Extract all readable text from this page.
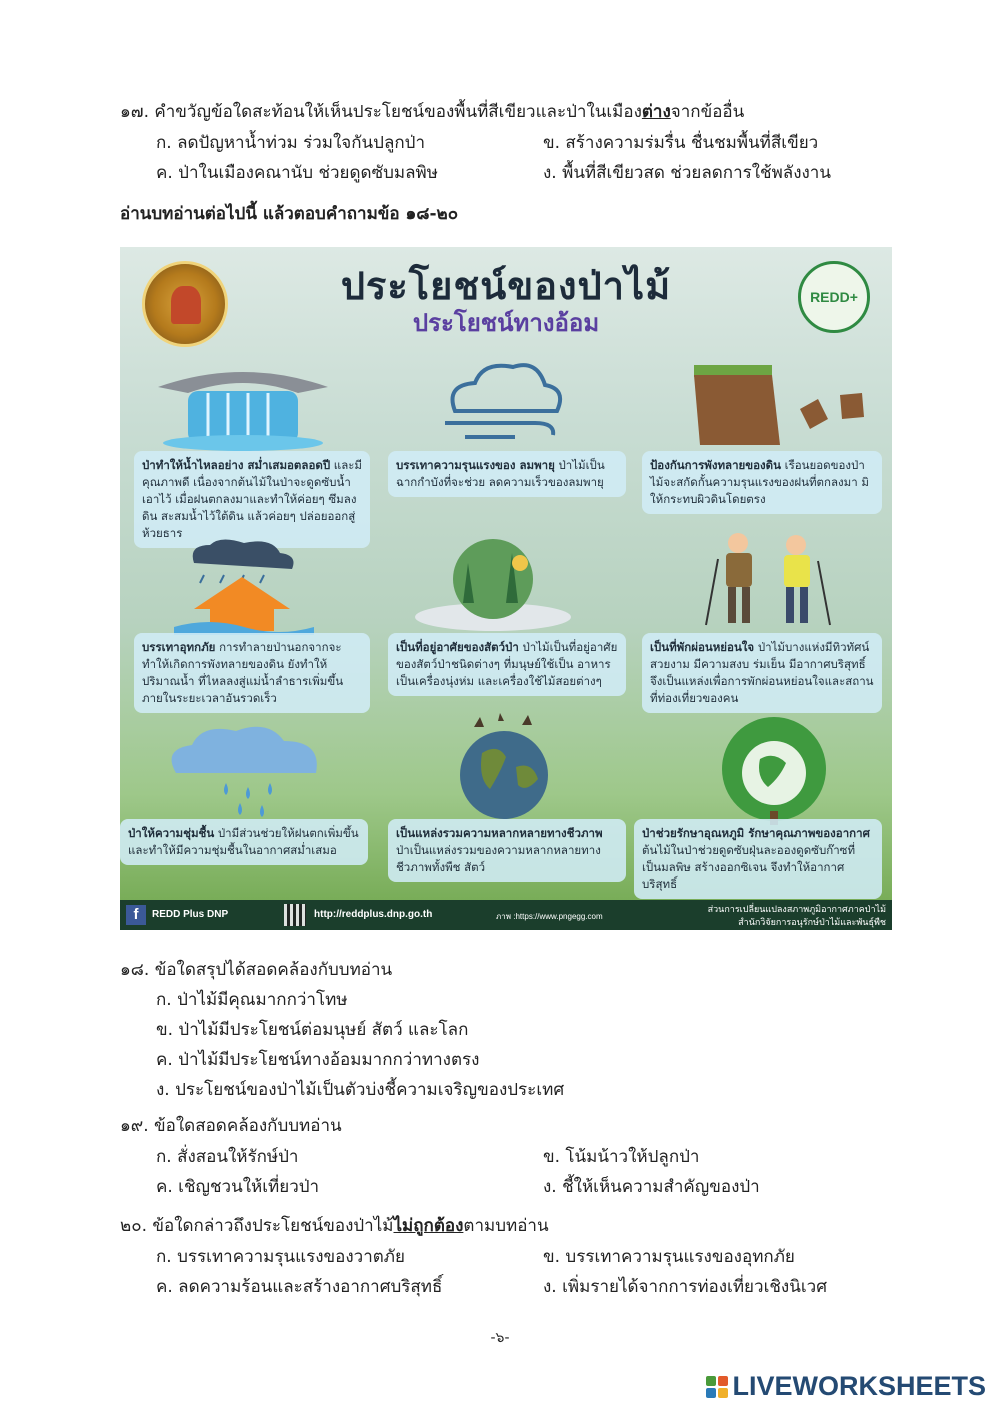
๑๗. คำขวัญข้อใดสะท้อนให้เห็นประโยชน์ของพื้นที่สีเขียวและป่าในเมืองต่างจากข้ออื่น
ก. ลดปัญหาน้ำท่วม ร่วมใจกันปลูกป่า	ข. สร้างความร่มรื่น ชื่นชมพื้นที่สีเขียว
ค. ป่าในเมืองคณานับ ช่วยดูดซับมลพิษ	ง. พื้นที่สีเขียวสด ช่วยลดการใช้พลังงาน
อ่านบทอ่านต่อไปนี้ แล้วตอบคำถามข้อ ๑๘-๒๐
REDD+
ประโยชน์ของป่าไม้
ประโยชน์ทางอ้อม
ป่าทำให้น้ำไหลอย่าง สม่ำเสมอตลอดปี และมีคุณภาพดี เนื่องจากต้นไม้ในป่าจะดูดซับน้ำเอาไว้ เมื่อฝนตกลงมาและทำให้ค่อยๆ ซึมลงดิน สะสมน้ำไว้ใต้ดิน แล้วค่อยๆ ปล่อยออกสู่ห้วยธาร
บรรเทาความรุนแรงของ ลมพายุ ป่าไม้เป็นฉากกำบังที่จะช่วย ลดความเร็วของลมพายุ
ป้องกันการพังทลายของดิน เรือนยอดของป่าไม้จะสกัดกั้นความรุนแรงของฝนที่ตกลงมา มิให้กระทบผิวดินโดยตรง
บรรเทาอุทกภัย การทำลายป่านอกจากจะทำให้เกิดการพังทลายของดิน ยังทำให้ปริมาณน้ำ ที่ไหลลงสู่แม่น้ำลำธารเพิ่มขึ้นภายในระยะเวลาอันรวดเร็ว
เป็นที่อยู่อาศัยของสัตว์ป่า ป่าไม้เป็นที่อยู่อาศัยของสัตว์ป่าชนิดต่างๆ ที่มนุษย์ใช้เป็น อาหาร เป็นเครื่องนุ่งห่ม และเครื่องใช้ไม้สอยต่างๆ
เป็นที่พักผ่อนหย่อนใจ ป่าไม้บางแห่งมีทิวทัศน์สวยงาม มีความสงบ ร่มเย็น มีอากาศบริสุทธิ์ จึงเป็นแหล่งเพื่อการพักผ่อนหย่อนใจและสถานที่ท่องเที่ยวของคน
ป่าให้ความชุ่มชื้น ป่ามีส่วนช่วยให้ฝนตกเพิ่มขึ้นและทำให้มีความชุ่มชื้นในอากาศสม่ำเสมอ
เป็นแหล่งรวมความหลากหลายทางชีวภาพ ป่าเป็นแหล่งรวมของความหลากหลายทาง ชีวภาพทั้งพืช สัตว์
ป่าช่วยรักษาอุณหภูมิ รักษาคุณภาพของอากาศ ต้นไม้ในป่าช่วยดูดซับฝุ่นละอองดูดซับก๊าซที่เป็นมลพิษ สร้างออกซิเจน จึงทำให้อากาศบริสุทธิ์
f	REDD Plus DNP	http://reddplus.dnp.go.th	ภาพ :https://www.pngegg.com
ส่วนการเปลี่ยนแปลงสภาพภูมิอากาศภาคป่าไม้
สำนักวิจัยการอนุรักษ์ป่าไม้และพันธุ์พืช
๑๘. ข้อใดสรุปได้สอดคล้องกับบทอ่าน
ก. ป่าไม้มีคุณมากกว่าโทษ
ข. ป่าไม้มีประโยชน์ต่อมนุษย์ สัตว์ และโลก
ค. ป่าไม้มีประโยชน์ทางอ้อมมากกว่าทางตรง
ง. ประโยชน์ของป่าไม้เป็นตัวบ่งชี้ความเจริญของประเทศ
๑๙. ข้อใดสอดคล้องกับบทอ่าน
ก. สั่งสอนให้รักษ์ป่า	ข. โน้มน้าวให้ปลูกป่า
ค. เชิญชวนให้เที่ยวป่า	ง. ชี้ให้เห็นความสำคัญของป่า
๒๐. ข้อใดกล่าวถึงประโยชน์ของป่าไม้ไม่ถูกต้องตามบทอ่าน
ก. บรรเทาความรุนแรงของวาตภัย	ข. บรรเทาความรุนแรงของอุทกภัย
ค. ลดความร้อนและสร้างอากาศบริสุทธิ์	ง. เพิ่มรายได้จากการท่องเที่ยวเชิงนิเวศ
-๖-
LIVEWORKSHEETS
